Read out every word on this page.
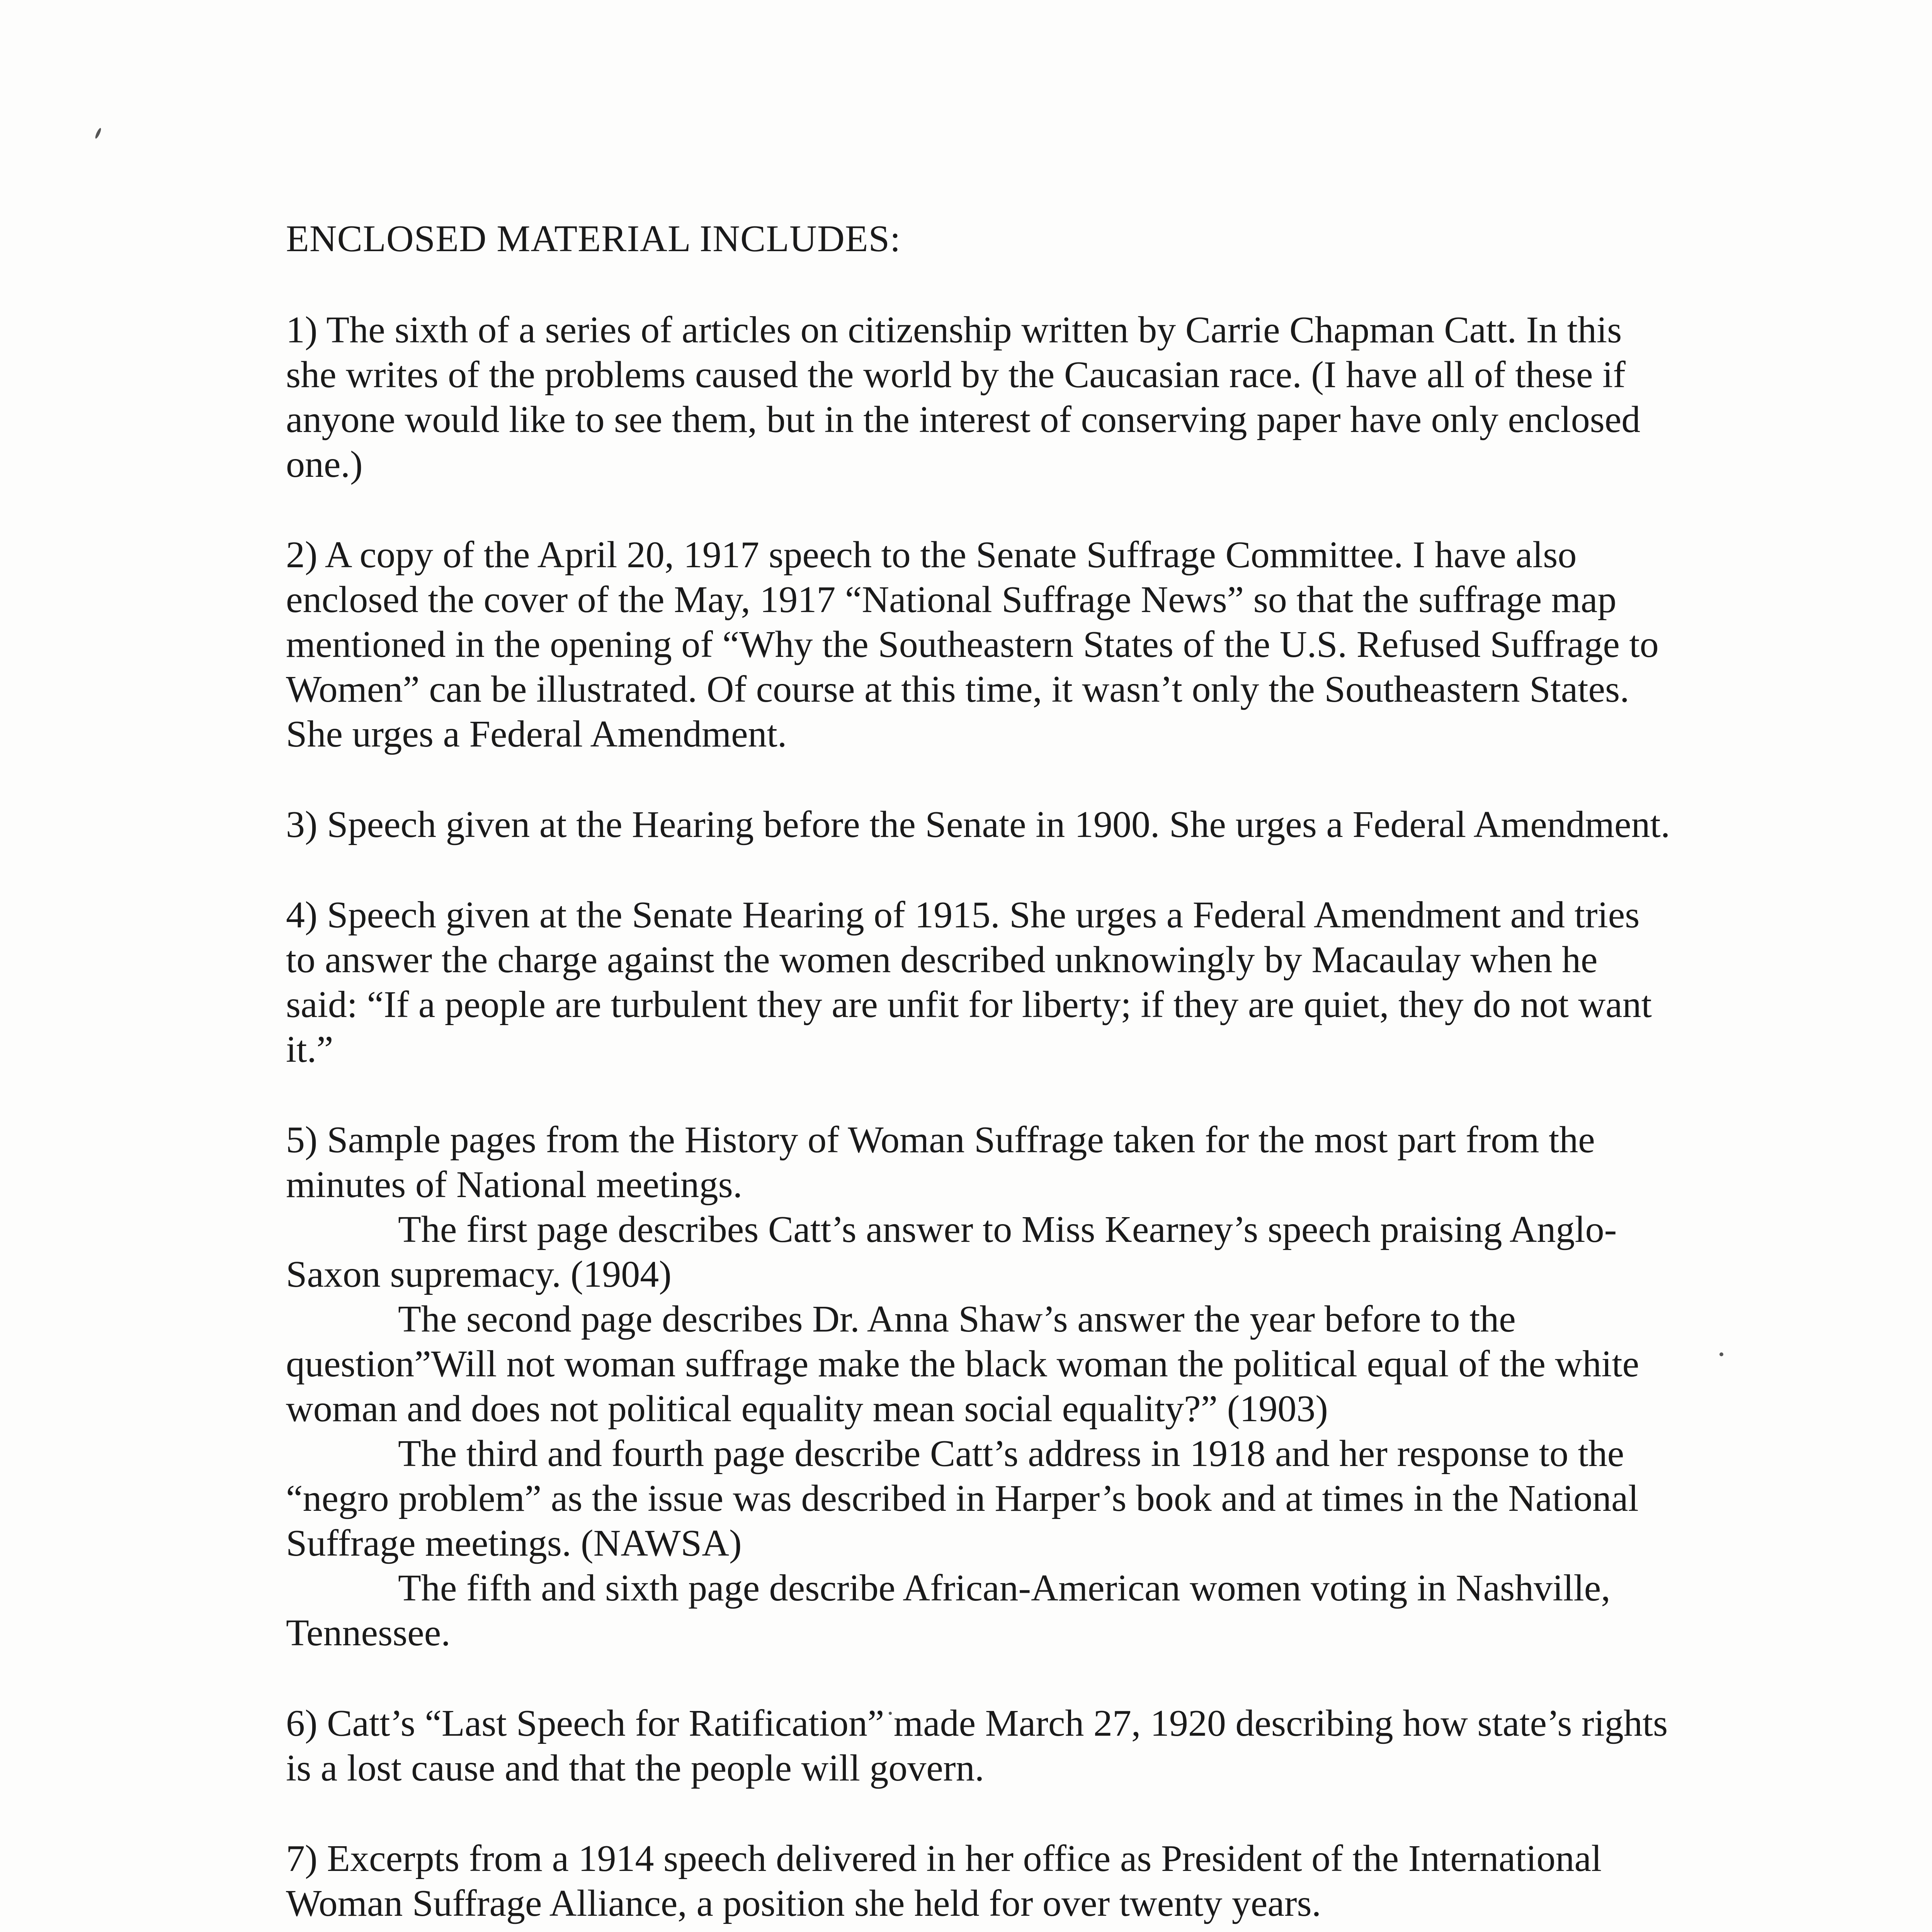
ENCLOSED MATERIAL INCLUDES:

1) The sixth of a series of articles on citizenship written by Carrie Chapman Catt. In this she writes of the problems caused the world by the Caucasian race. (I have all of these if anyone would like to see them, but in the interest of conserving paper have only enclosed one.)

2) A copy of the April 20, 1917 speech to the Senate Suffrage Committee. I have also enclosed the cover of the May, 1917 “National Suffrage News” so that the suffrage map mentioned in the opening of “Why the Southeastern States of the U.S. Refused Suffrage to Women” can be illustrated. Of course at this time, it wasn’t only the Southeastern States. She urges a Federal Amendment.

3) Speech given at the Hearing before the Senate in 1900. She urges a Federal Amendment.

4) Speech given at the Senate Hearing of 1915. She urges a Federal Amendment and tries to answer the charge against the women described unknowingly by Macaulay when he said: “If a people are turbulent they are unfit for liberty; if they are quiet, they do not want it.”

5) Sample pages from the History of Woman Suffrage taken for the most part from the minutes of National meetings.

The first page describes Catt’s answer to Miss Kearney’s speech praising Anglo-Saxon supremacy. (1904)

The second page describes Dr. Anna Shaw’s answer the year before to the question”Will not woman suffrage make the black woman the political equal of the white woman and does not political equality mean social equality?” (1903)

The third and fourth page describe Catt’s address in 1918 and her response to the “negro problem” as the issue was described in Harper’s book and at times in the National Suffrage meetings. (NAWSA)

The fifth and sixth page describe African-American women voting in Nashville, Tennessee.

6) Catt’s “Last Speech for Ratification” made March 27, 1920 describing how state’s rights is a lost cause and that the people will govern.

7) Excerpts from a 1914 speech delivered in her office as President of the International Woman Suffrage Alliance, a position she held for over twenty years.
